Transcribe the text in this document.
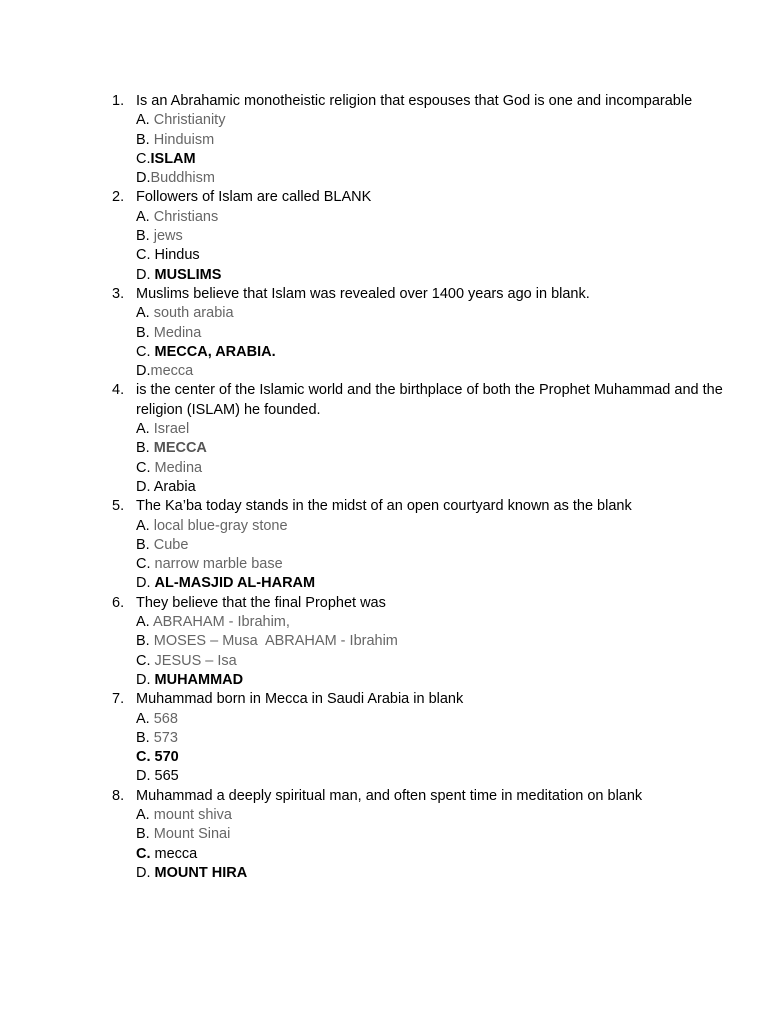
1. Is an Abrahamic monotheistic religion that espouses that God is one and incomparable

A. Christianity

B. Hinduism

C.ISLAM

D.Buddhism

2. Followers of Islam are called BLANK

A. Christians

B. jews

C. Hindus

D. MUSLIMS

3. Muslims believe that Islam was revealed over 1400 years ago in blank.

A. south arabia

B. Medina

C. MECCA, ARABIA.

D.mecca

4. is the center of the Islamic world and the birthplace of both the Prophet Muhammad and the religion (ISLAM) he founded.

A. Israel

B. MECCA

C. Medina

D. Arabia

5. The Ka’ba today stands in the midst of an open courtyard known as the blank

A. local blue-gray stone

B. Cube

C. narrow marble base

D. AL-MASJID AL-HARAM

6. They believe that the final Prophet was

A. ABRAHAM - Ibrahim,

B. MOSES – Musa  ABRAHAM - Ibrahim

C. JESUS – Isa

D. MUHAMMAD

7. Muhammad born in Mecca in Saudi Arabia in blank

A. 568

B. 573

C. 570

D. 565

8. Muhammad a deeply spiritual man, and often spent time in meditation on blank

A. mount shiva

B. Mount Sinai

C. mecca

D. MOUNT HIRA
